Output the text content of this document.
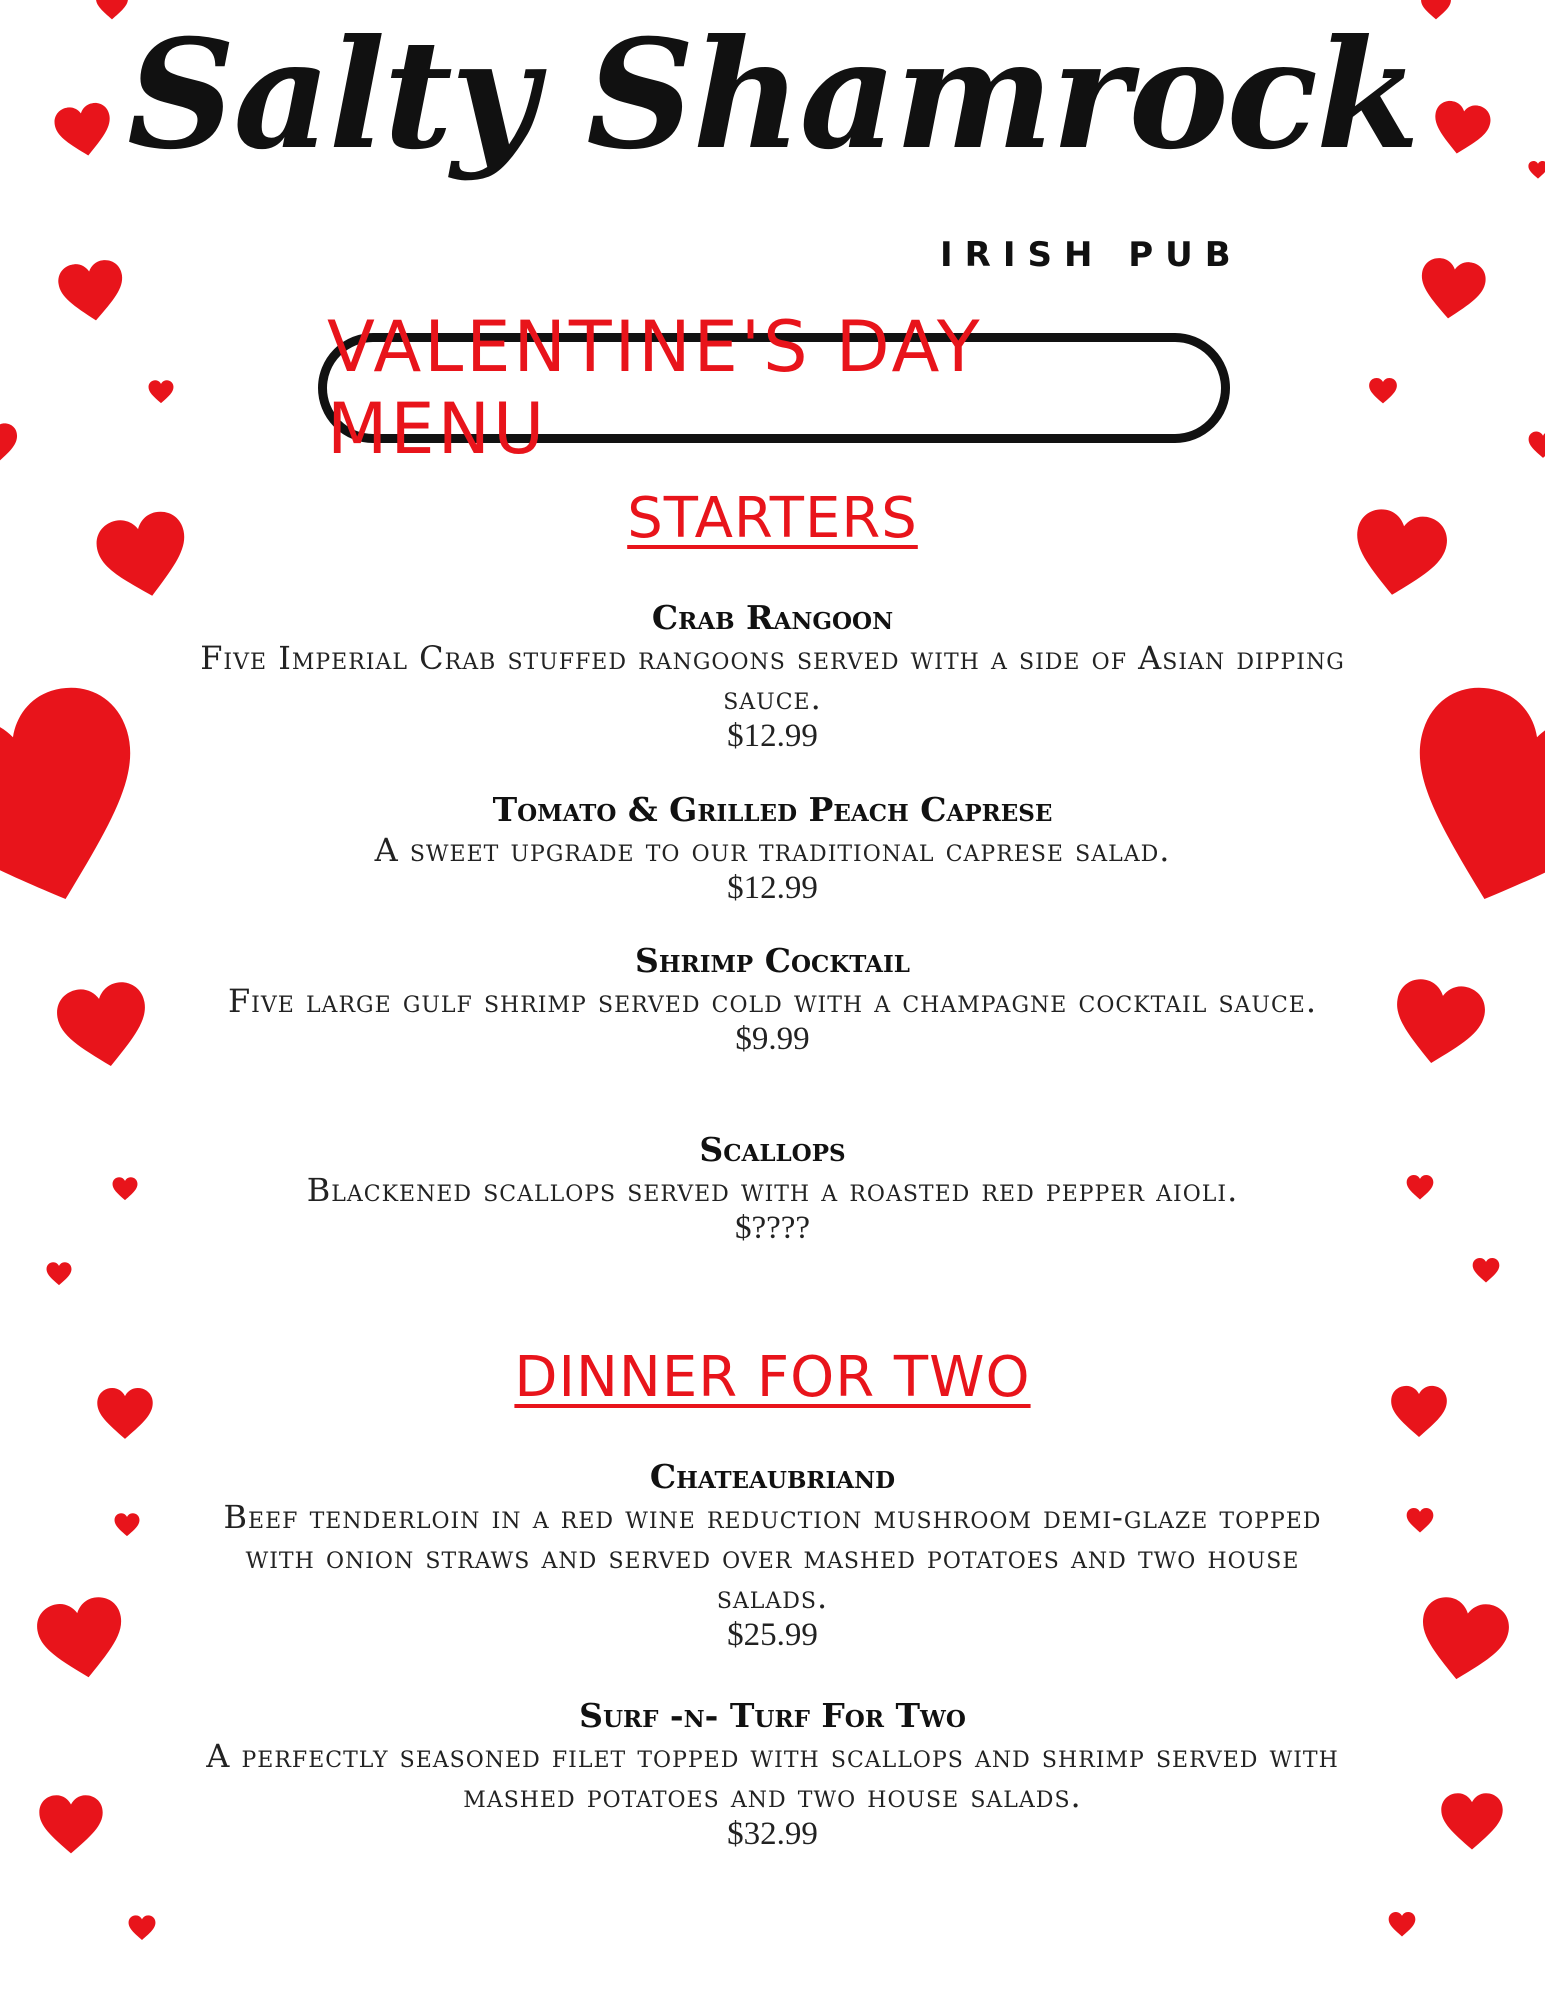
Salty Shamrock
IRISH PUB
VALENTINE'S DAY MENU
STARTERS
Crab Rangoon
Five Imperial Crab stuffed rangoons served with a side of Asian dipping sauce.
$12.99
Tomato & Grilled Peach Caprese
A sweet upgrade to our traditional caprese salad.
$12.99
Shrimp Cocktail
Five large gulf shrimp served cold with a champagne cocktail sauce.
$9.99
Scallops
Blackened scallops served with a roasted red pepper aioli.
$????
DINNER FOR TWO
Chateaubriand
Beef tenderloin in a red wine reduction mushroom demi-glaze topped with onion straws and served over mashed potatoes and two house salads.
$25.99
Surf -n- Turf For Two
A perfectly seasoned filet topped with scallops and shrimp served with mashed potatoes and two house salads.
$32.99
